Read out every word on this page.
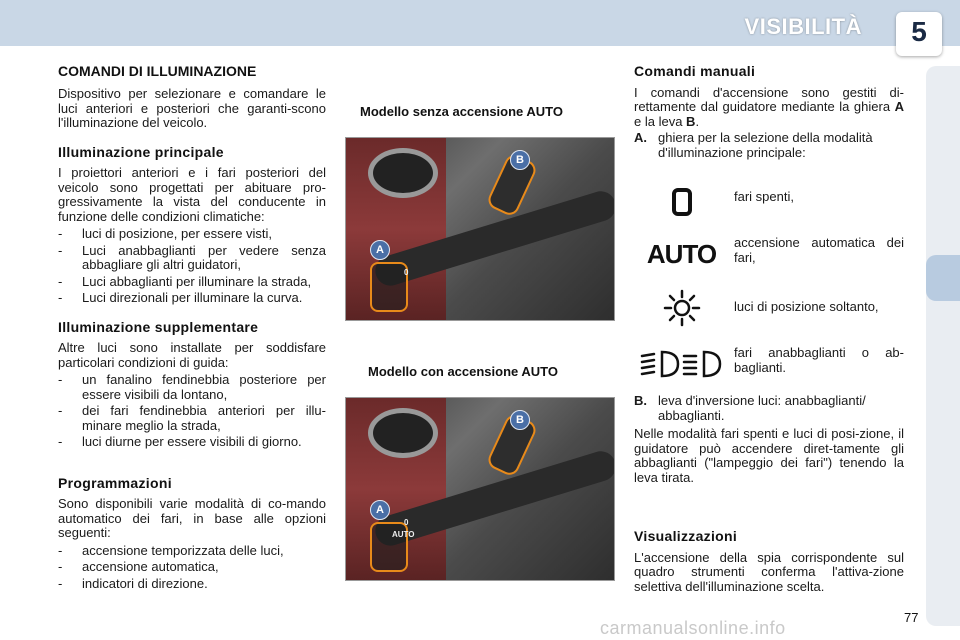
VISIBILITÀ	5
COMANDI DI ILLUMINAZIONE

Dispositivo per selezionare e comandare le luci anteriori e posteriori che garanti-scono l'illuminazione del veicolo.

Illuminazione principale

I proiettori anteriori e i fari posteriori del veicolo sono progettati per abituare pro-gressivamente la vista del conducente in funzione delle condizioni climatiche:

- luci di posizione, per essere visti,
- Luci anabbaglianti per vedere senza abbagliare gli altri guidatori,
- Luci abbaglianti per illuminare la strada,
- Luci direzionali per illuminare la curva.
Illuminazione supplementare

Altre luci sono installate per soddisfare particolari condizioni di guida:

- un fanalino fendinebbia posteriore per essere visibili da lontano,
- dei fari fendinebbia anteriori per illu-minare meglio la strada,
- luci diurne per essere visibili di giorno.
Programmazioni

Sono disponibili varie modalità di co-mando automatico dei fari, in base alle opzioni seguenti:

- accensione temporizzata delle luci,
- accensione automatica,
- indicatori di direzione.
Modello senza accensione AUTO
0
A
B
Modello con accensione AUTO
0
AUTO
A
B
Comandi manuali

I comandi d'accensione sono gestiti di-rettamente dal guidatore mediante la ghiera A e la leva B.

A. ghiera per la selezione della modalità d'illuminazione principale:
fari spenti,
AUTO accensione automatica dei fari,
luci di posizione soltanto,
fari anabbaglianti o ab-baglianti.
B. leva d'inversione luci: anabbaglianti/ abbaglianti.

Nelle modalità fari spenti e luci di posi-zione, il guidatore può accendere diret-tamente gli abbaglianti ("lampeggio dei fari") tenendo la leva tirata.

Visualizzazioni

L'accensione della spia corrispondente sul quadro strumenti conferma l'attiva-zione selettiva dell'illuminazione scelta.

carmanualsonline.info
77
